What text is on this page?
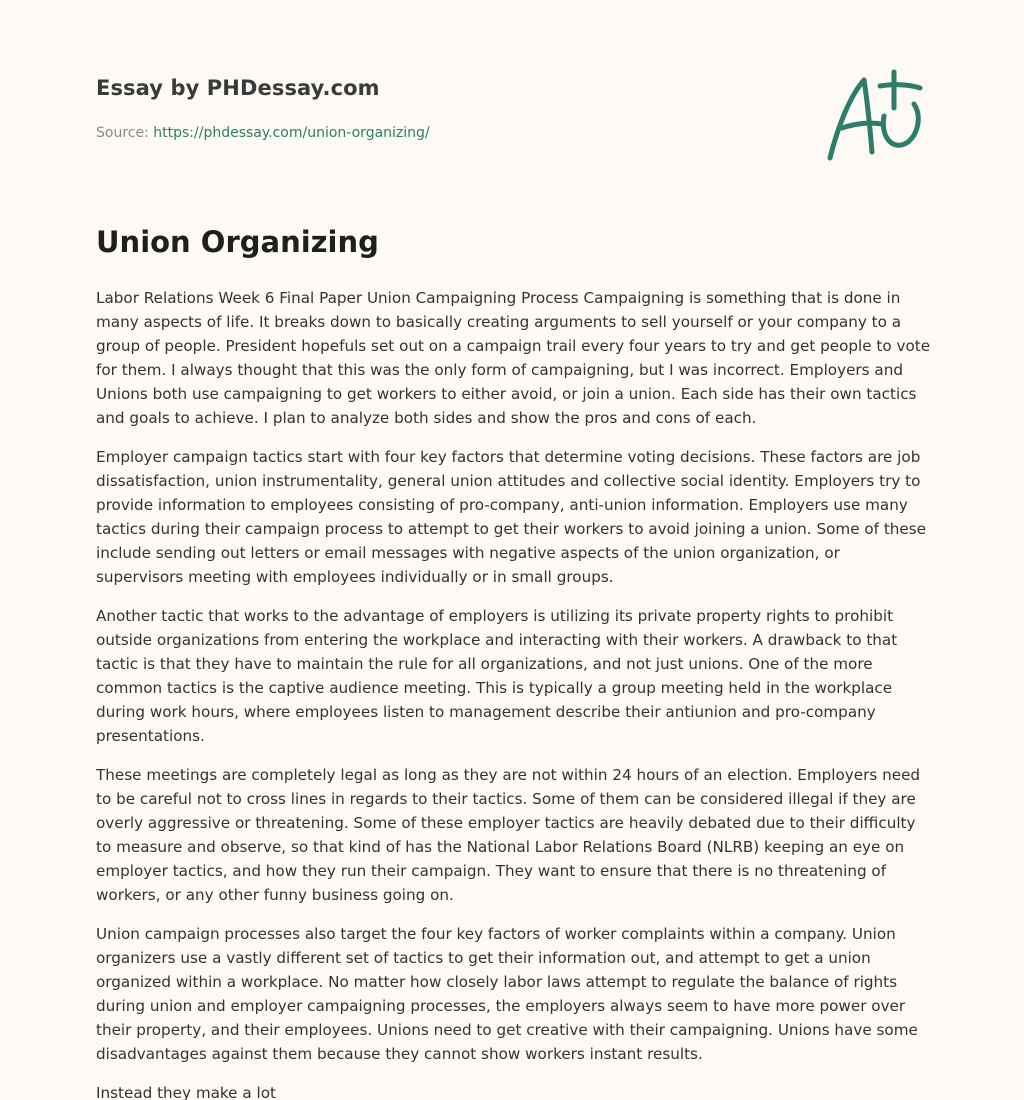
Essay by PHDessay.com
Source: https://phdessay.com/union-organizing/
Union Organizing

Labor Relations Week 6 Final Paper Union Campaigning Process Campaigning is something that is done in many aspects of life. It breaks down to basically creating arguments to sell yourself or your company to a group of people. President hopefuls set out on a campaign trail every four years to try and get people to vote for them. I always thought that this was the only form of campaigning, but I was incorrect. Employers and Unions both use campaigning to get workers to either avoid, or join a union. Each side has their own tactics and goals to achieve. I plan to analyze both sides and show the pros and cons of each.

Employer campaign tactics start with four key factors that determine voting decisions. These factors are job dissatisfaction, union instrumentality, general union attitudes and collective social identity. Employers try to provide information to employees consisting of pro-company, anti-union information. Employers use many tactics during their campaign process to attempt to get their workers to avoid joining a union. Some of these include sending out letters or email messages with negative aspects of the union organization, or supervisors meeting with employees individually or in small groups.

Another tactic that works to the advantage of employers is utilizing its private property rights to prohibit outside organizations from entering the workplace and interacting with their workers. A drawback to that tactic is that they have to maintain the rule for all organizations, and not just unions. One of the more common tactics is the captive audience meeting. This is typically a group meeting held in the workplace during work hours, where employees listen to management describe their antiunion and pro-company presentations.

These meetings are completely legal as long as they are not within 24 hours of an election. Employers need to be careful not to cross lines in regards to their tactics. Some of them can be considered illegal if they are overly aggressive or threatening. Some of these employer tactics are heavily debated due to their difficulty to measure and observe, so that kind of has the National Labor Relations Board (NLRB) keeping an eye on employer tactics, and how they run their campaign. They want to ensure that there is no threatening of workers, or any other funny business going on.

Union campaign processes also target the four key factors of worker complaints within a company. Union organizers use a vastly different set of tactics to get their information out, and attempt to get a union organized within a workplace. No matter how closely labor laws attempt to regulate the balance of rights during union and employer campaigning processes, the employers always seem to have more power over their property, and their employees. Unions need to get creative with their campaigning. Unions have some disadvantages against them because they cannot show workers instant results.

Instead they make a lot
